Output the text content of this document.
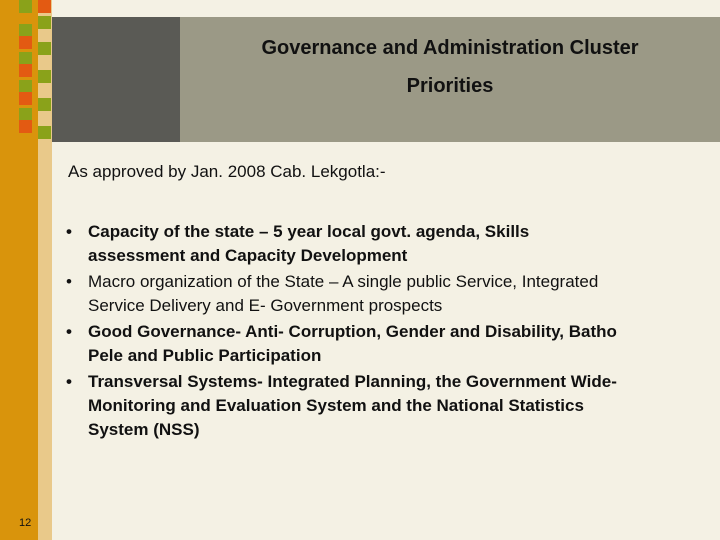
Governance and Administration Cluster
Priorities

As approved by Jan. 2008 Cab. Lekgotla:-

• Capacity of the state – 5 year local govt. agenda, Skills
assessment and Capacity Development
• Macro organization of the State – A single public Service, Integrated
Service Delivery and E- Government prospects
• Good Governance- Anti- Corruption, Gender and Disability, Batho
Pele and Public Participation
• Transversal Systems- Integrated Planning, the Government Wide-
Monitoring and Evaluation System and the National Statistics
System (NSS)

12
